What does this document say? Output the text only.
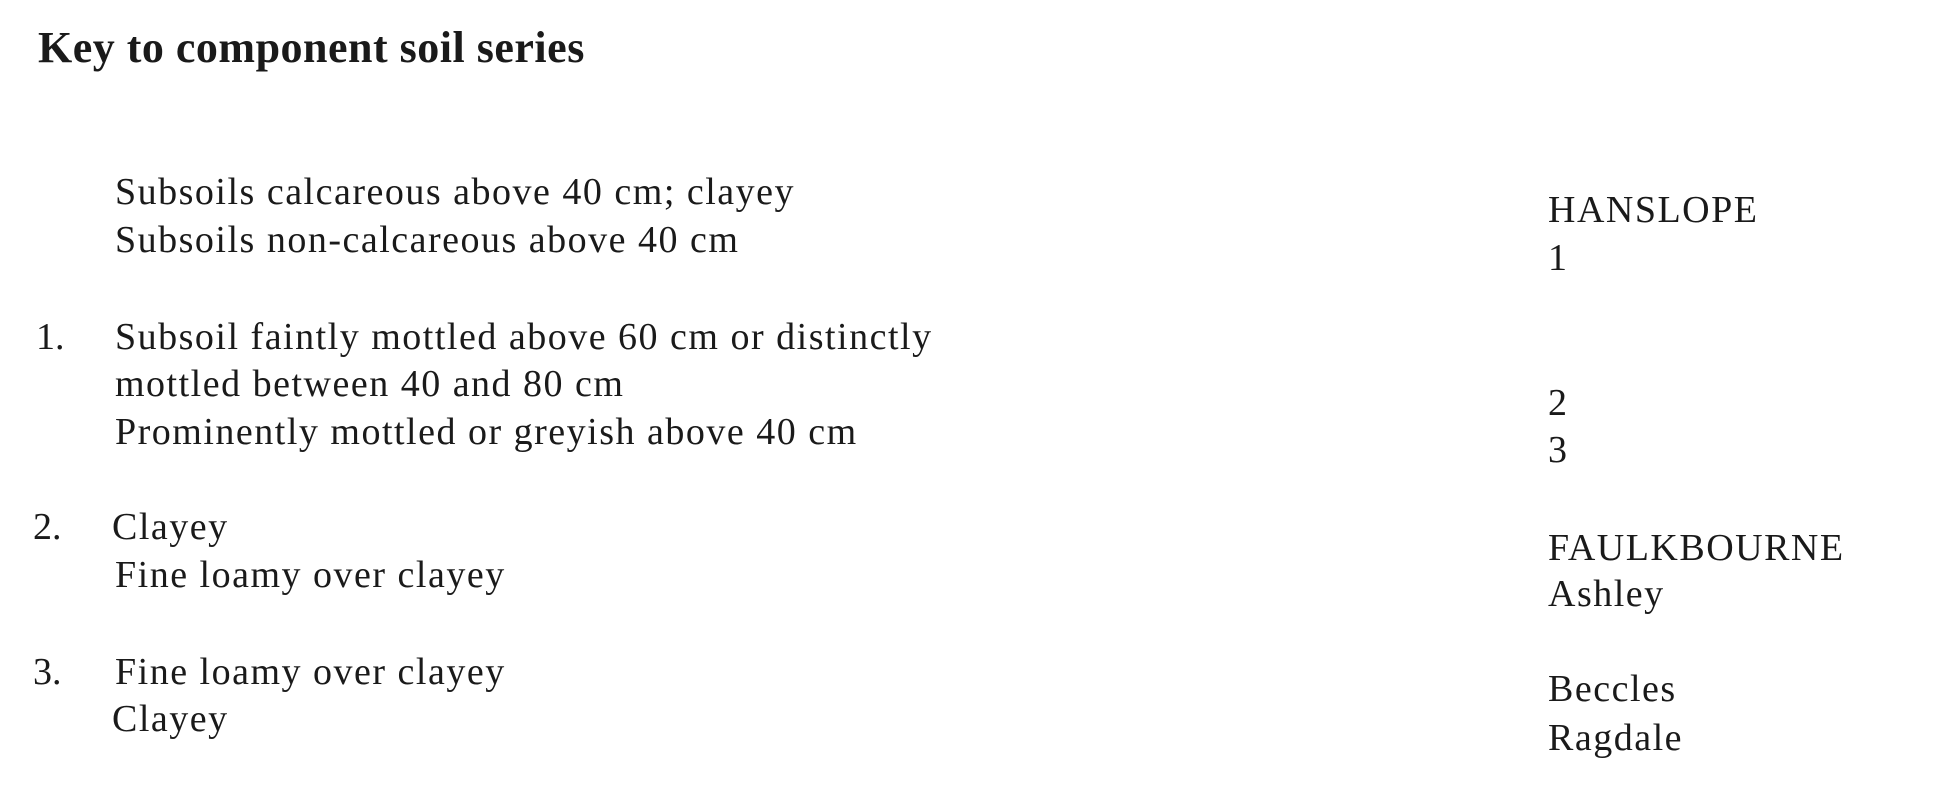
Key to component soil series
Subsoils calcareous above 40 cm; clayey
Subsoils non-calcareous above 40 cm
HANSLOPE
1
1. Subsoil faintly mottled above 60 cm or distinctly
mottled between 40 and 80 cm
Prominently mottled or greyish above 40 cm
2
3
2. Clayey
Fine loamy over clayey
FAULKBOURNE
Ashley
3. Fine loamy over clayey
Clayey
Beccles
Ragdale
